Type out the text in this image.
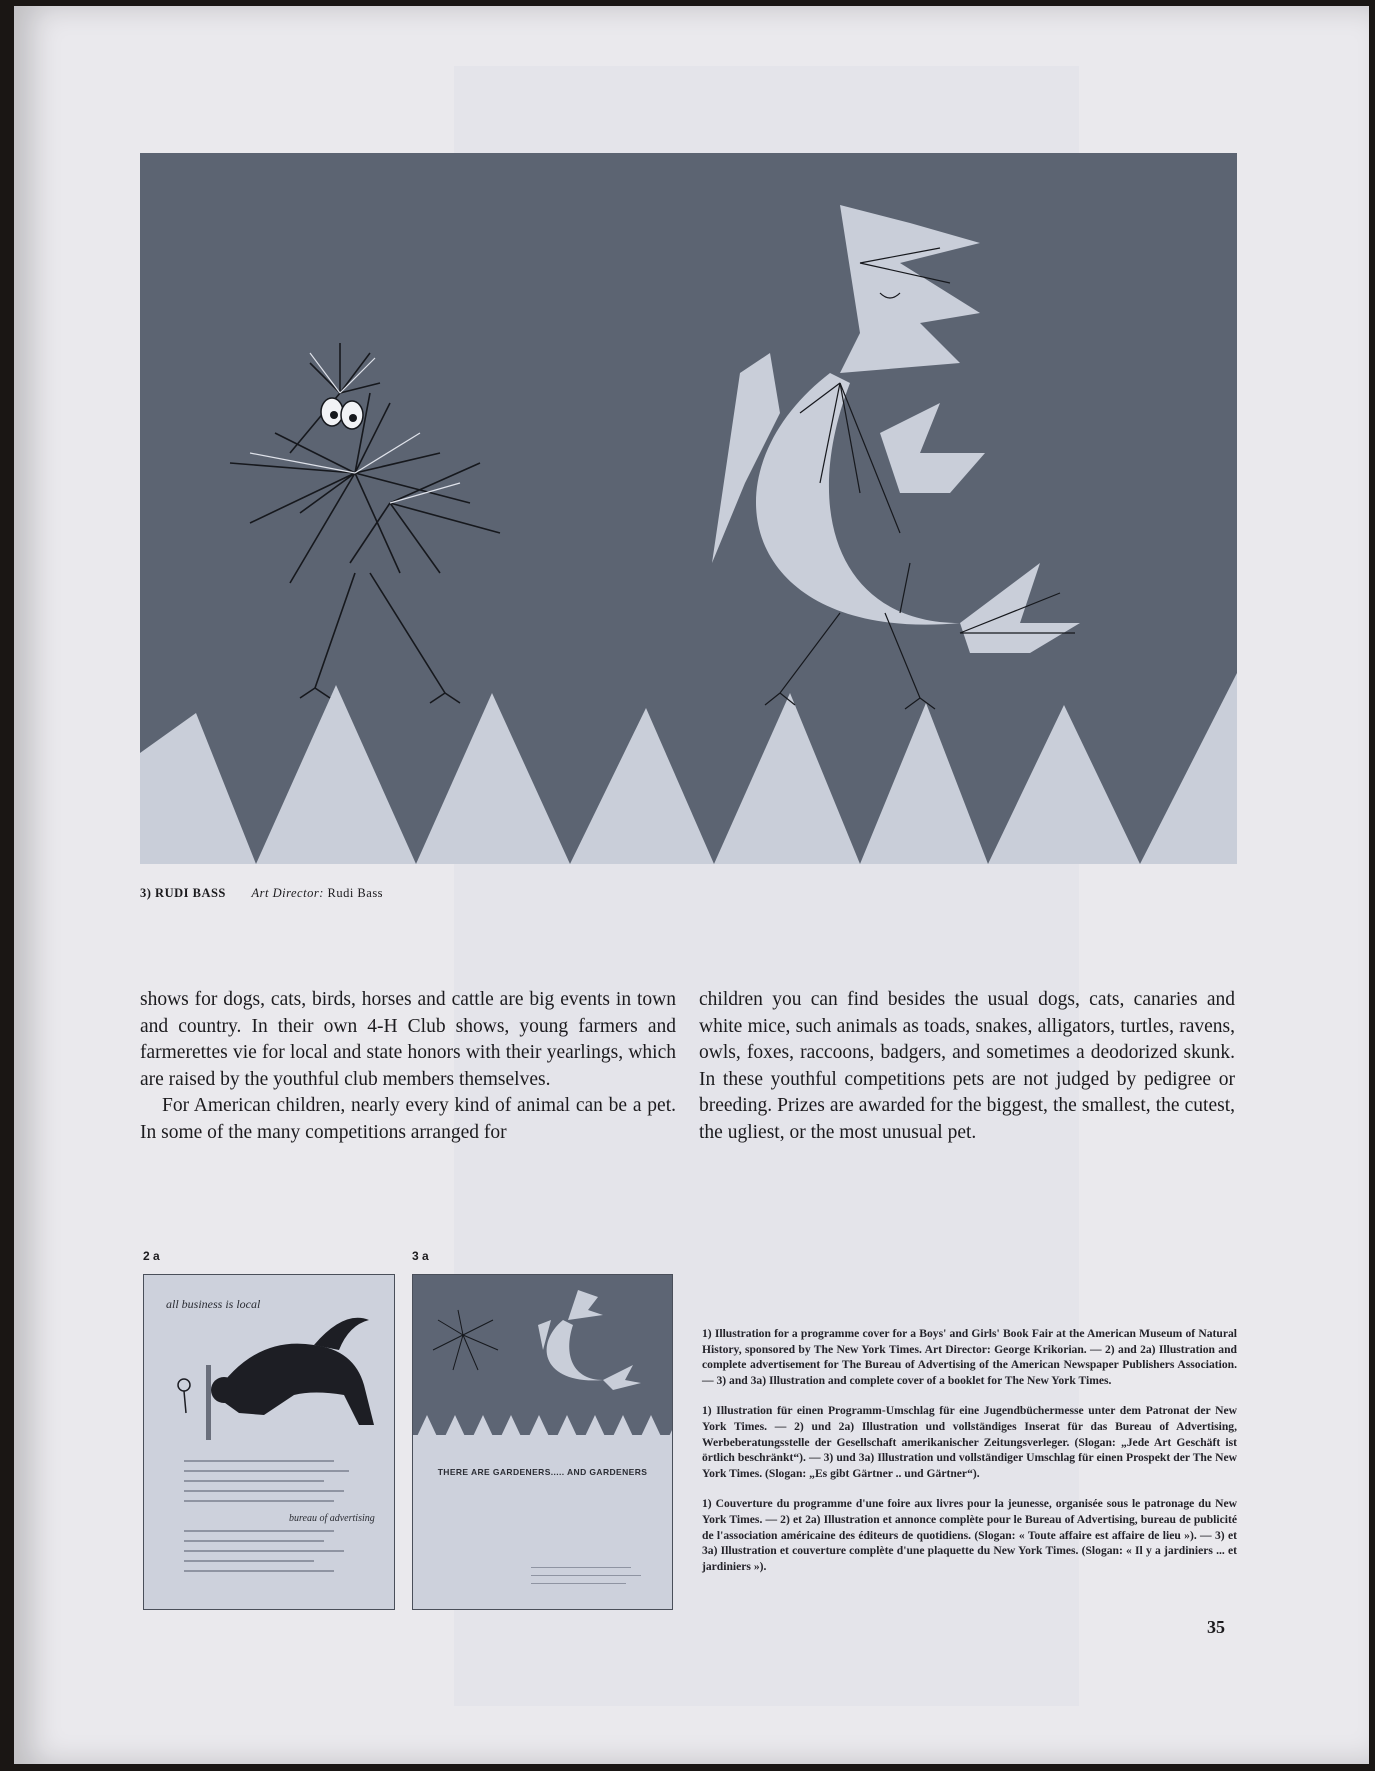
3) RUDI BASS Art Director: Rudi Bass

shows for dogs, cats, birds, horses and cattle are big events in town and country. In their own 4-H Club shows, young farmers and farmerettes vie for local and state honors with their yearlings, which are raised by the youthful club members themselves.

For American children, nearly every kind of animal can be a pet. In some of the many competitions arranged for

children you can find besides the usual dogs, cats, canaries and white mice, such animals as toads, snakes, alligators, turtles, ravens, owls, foxes, raccoons, badgers, and sometimes a deodorized skunk. In these youthful competitions pets are not judged by pedigree or breeding. Prizes are awarded for the biggest, the smallest, the cutest, the ugliest, or the most unusual pet.

2 a	3 a
all business is local
bureau of advertising
THERE ARE GARDENERS..... AND GARDENERS

1) Illustration for a programme cover for a Boys' and Girls' Book Fair at the American Museum of Natural History, sponsored by The New York Times. Art Director: George Krikorian. — 2) and 2a) Illustration and complete advertisement for The Bureau of Advertising of the American Newspaper Publishers Association. — 3) and 3a) Illustration and complete cover of a booklet for The New York Times.

1) Illustration für einen Programm-Umschlag für eine Jugendbüchermesse unter dem Patronat der New York Times. — 2) und 2a) Illustration und vollständiges Inserat für das Bureau of Advertising, Werbeberatungsstelle der Gesellschaft amerikanischer Zeitungsverleger. (Slogan: „Jede Art Geschäft ist örtlich beschränkt“). — 3) und 3a) Illustration und vollständiger Umschlag für einen Prospekt der The New York Times. (Slogan: „Es gibt Gärtner .. und Gärtner“).

1) Couverture du programme d'une foire aux livres pour la jeunesse, organisée sous le patronage du New York Times. — 2) et 2a) Illustration et annonce complète pour le Bureau of Advertising, bureau de publicité de l'association américaine des éditeurs de quotidiens. (Slogan: « Toute affaire est affaire de lieu »). — 3) et 3a) Illustration et couverture complète d'une plaquette du New York Times. (Slogan: « Il y a jardiniers ... et jardiniers »).

35
